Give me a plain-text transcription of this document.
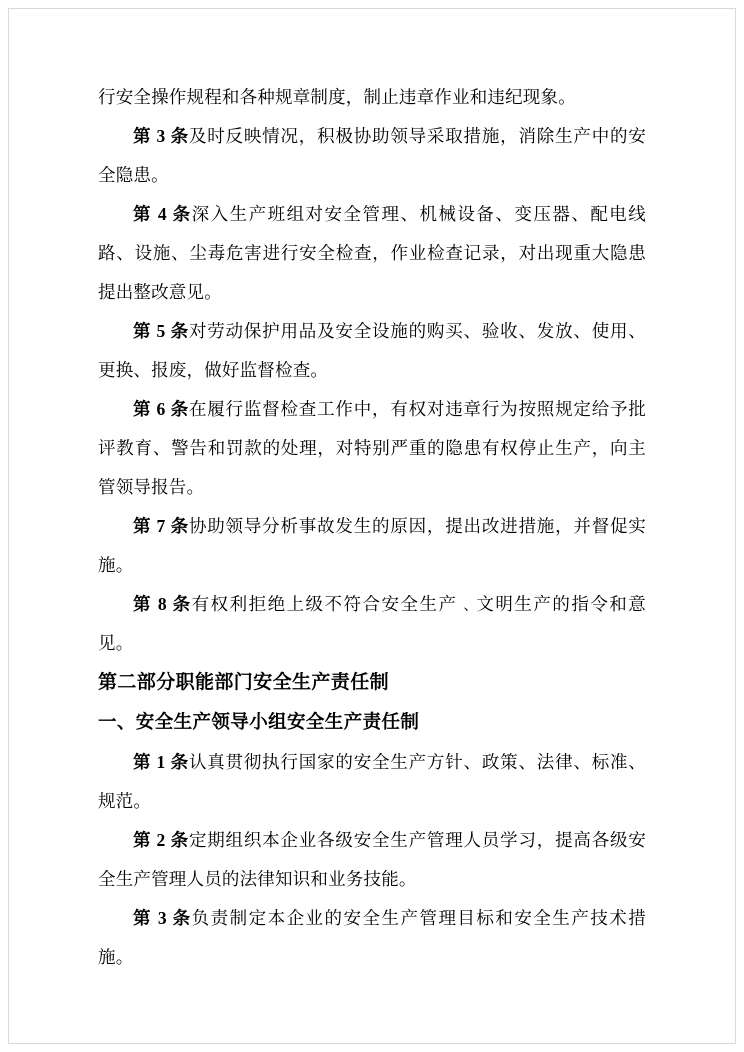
行安全操作规程和各种规章制度，制止违章作业和违纪现象。

第 3 条及时反映情况，积极协助领导采取措施，消除生产中的安全隐患。

第 4 条深入生产班组对安全管理、机械设备、变压器、配电线路、设施、尘毒危害进行安全检查，作业检查记录，对出现重大隐患提出整改意见。

第 5 条对劳动保护用品及安全设施的购买、验收、发放、使用、更换、报废，做好监督检查。

第 6 条在履行监督检查工作中，有权对违章行为按照规定给予批评教育、警告和罚款的处理，对特别严重的隐患有权停止生产，向主管领导报告。

第 7 条协助领导分析事故发生的原因，提出改进措施，并督促实施。

第 8 条有权利拒绝上级不符合安全生产﹑文明生产的指令和意见。

第二部分职能部门安全生产责任制
一、安全生产领导小组安全生产责任制

第 1 条认真贯彻执行国家的安全生产方针、政策、法律、标准、规范。

第 2 条定期组织本企业各级安全生产管理人员学习，提高各级安全生产管理人员的法律知识和业务技能。

第 3 条负责制定本企业的安全生产管理目标和安全生产技术措施。
